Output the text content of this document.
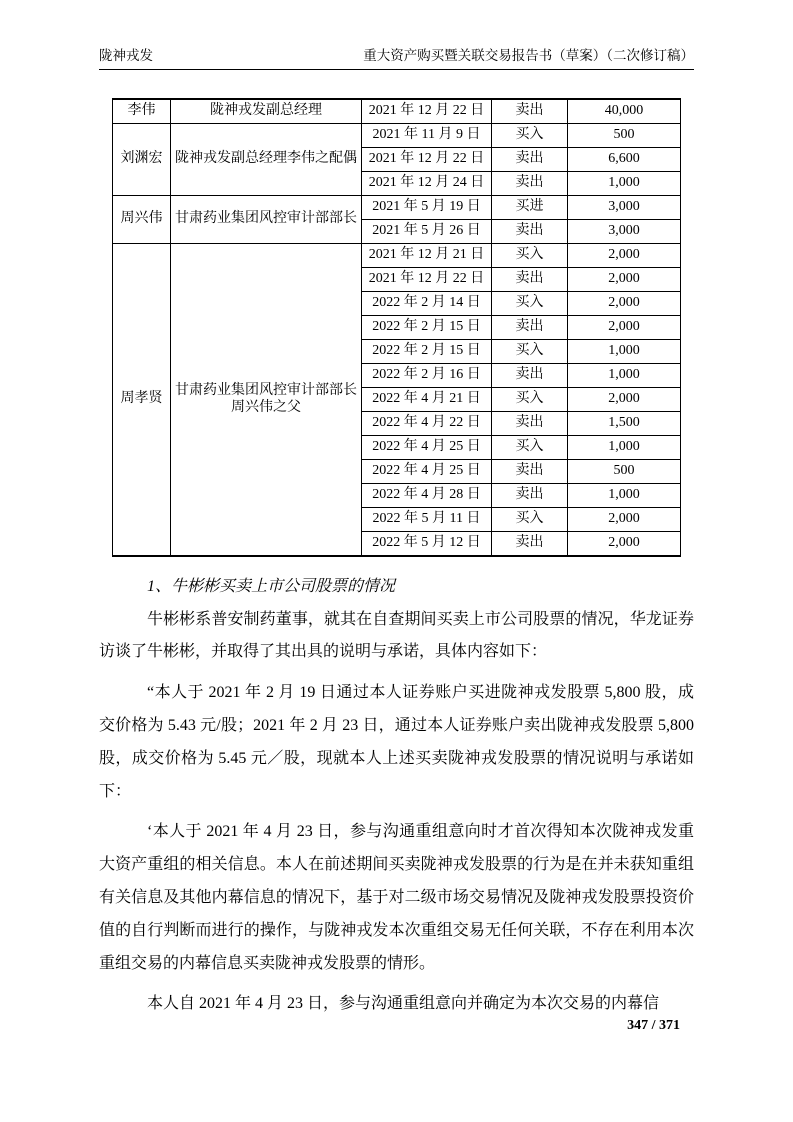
陇神戎发	重大资产购买暨关联交易报告书（草案）（二次修订稿）
李伟	陇神戎发副总经理	2021 年 12 月 22 日	卖出	40,000
刘渊宏	陇神戎发副总经理李伟之配偶	2021 年 11 月 9 日	买入	500
		2021 年 12 月 22 日	卖出	6,600
		2021 年 12 月 24 日	卖出	1,000
周兴伟	甘肃药业集团风控审计部部长	2021 年 5 月 19 日	买进	3,000
		2021 年 5 月 26 日	卖出	3,000
周孝贤	甘肃药业集团风控审计部部长周兴伟之父	2021 年 12 月 21 日	买入	2,000
		2021 年 12 月 22 日	卖出	2,000
		2022 年 2 月 14 日	买入	2,000
		2022 年 2 月 15 日	卖出	2,000
		2022 年 2 月 15 日	买入	1,000
		2022 年 2 月 16 日	卖出	1,000
		2022 年 4 月 21 日	买入	2,000
		2022 年 4 月 22 日	卖出	1,500
		2022 年 4 月 25 日	买入	1,000
		2022 年 4 月 25 日	卖出	500
		2022 年 4 月 28 日	卖出	1,000
		2022 年 5 月 11 日	买入	2,000
		2022 年 5 月 12 日	卖出	2,000
1、牛彬彬买卖上市公司股票的情况

牛彬彬系普安制药董事，就其在自查期间买卖上市公司股票的情况，华龙证券访谈了牛彬彬，并取得了其出具的说明与承诺，具体内容如下：

“本人于 2021 年 2 月 19 日通过本人证券账户买进陇神戎发股票 5,800 股，成交价格为 5.43 元/股；2021 年 2 月 23 日，通过本人证券账户卖出陇神戎发股票 5,800 股，成交价格为 5.45 元／股，现就本人上述买卖陇神戎发股票的情况说明与承诺如下：

‘本人于 2021 年 4 月 23 日，参与沟通重组意向时才首次得知本次陇神戎发重大资产重组的相关信息。本人在前述期间买卖陇神戎发股票的行为是在并未获知重组有关信息及其他内幕信息的情况下，基于对二级市场交易情况及陇神戎发股票投资价值的自行判断而进行的操作，与陇神戎发本次重组交易无任何关联，不存在利用本次重组交易的内幕信息买卖陇神戎发股票的情形。

本人自 2021 年 4 月 23 日，参与沟通重组意向并确定为本次交易的内幕信

347 / 371
